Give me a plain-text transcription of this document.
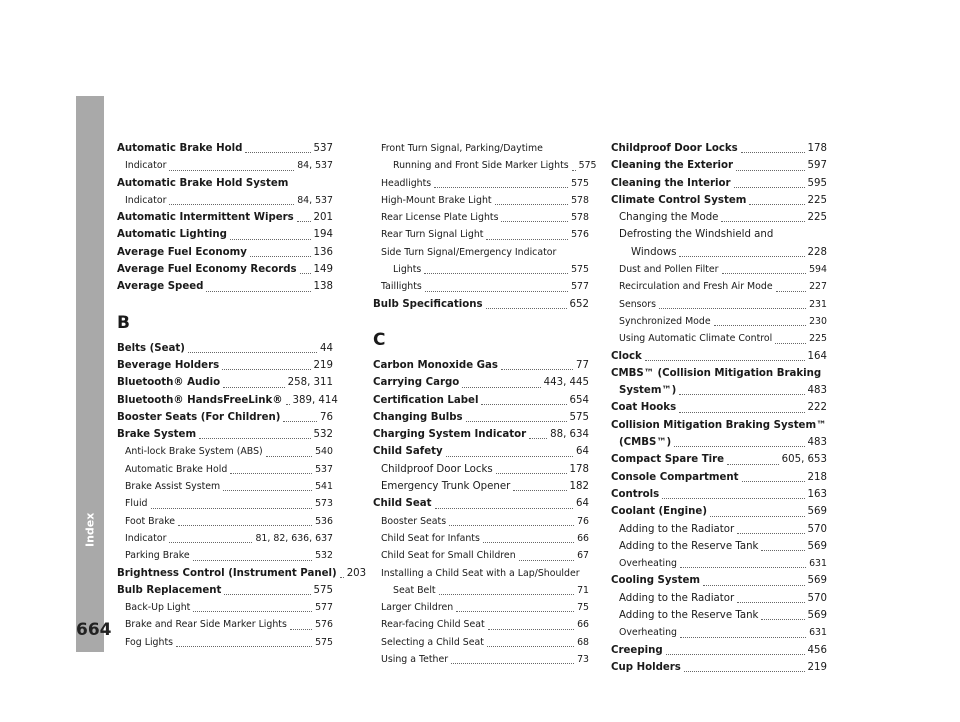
Index
664
Automatic Brake Hold	537
Indicator	84, 537
Automatic Brake Hold System
Indicator	84, 537
Automatic Intermittent Wipers 201
Automatic Lighting	194
Average Fuel Economy	136
Average Fuel Economy Records 149
Average Speed	138
B
Belts (Seat)	44
Beverage Holders	219
Bluetooth® Audio	258, 311
Bluetooth® HandsFreeLink® 389, 414
Booster Seats (For Children)	76
Brake System	532
Anti-lock Brake System (ABS)	540
Automatic Brake Hold	537
Brake Assist System	541
Fluid	573
Foot Brake	536
Indicator	81, 82, 636, 637
Parking Brake	532
Brightness Control (Instrument Panel) 203
Bulb Replacement	575
Back-Up Light	577
Brake and Rear Side Marker Lights	576
Fog Lights	575
Front Turn Signal, Parking/Daytime
Running and Front Side Marker Lights 575
Headlights	575
High-Mount Brake Light	578
Rear License Plate Lights	578
Rear Turn Signal Light	576
Side Turn Signal/Emergency Indicator
Lights	575
Taillights	577
Bulb Specifications	652
C
Carbon Monoxide Gas	77
Carrying Cargo	443, 445
Certification Label	654
Changing Bulbs	575
Charging System Indicator 88, 634
Child Safety	64
Childproof Door Locks	178
Emergency Trunk Opener	182
Child Seat	64
Booster Seats	76
Child Seat for Infants	66
Child Seat for Small Children	67
Installing a Child Seat with a Lap/Shoulder
Seat Belt	71
Larger Children	75
Rear-facing Child Seat	66
Selecting a Child Seat	68
Using a Tether	73
Childproof Door Locks	178
Cleaning the Exterior	597
Cleaning the Interior	595
Climate Control System	225
Changing the Mode	225
Defrosting the Windshield and
Windows	228
Dust and Pollen Filter	594
Recirculation and Fresh Air Mode	227
Sensors	231
Synchronized Mode	230
Using Automatic Climate Control	225
Clock	164
CMBS™ (Collision Mitigation Braking
System™)	483
Coat Hooks	222
Collision Mitigation Braking System™
(CMBS™)	483
Compact Spare Tire	605, 653
Console Compartment	218
Controls	163
Coolant (Engine)	569
Adding to the Radiator	570
Adding to the Reserve Tank	569
Overheating	631
Cooling System	569
Adding to the Radiator	570
Adding to the Reserve Tank	569
Overheating	631
Creeping	456
Cup Holders	219
